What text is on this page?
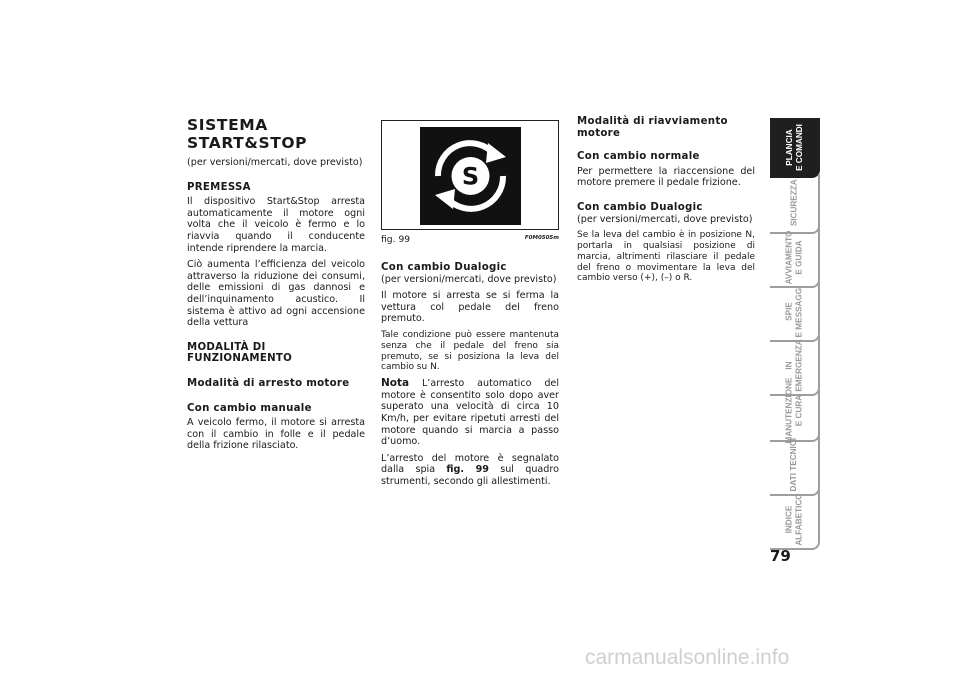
SISTEMA START&STOP

(per versioni/mercati, dove previsto)

PREMESSA

Il dispositivo Start&Stop arresta automaticamente il motore ogni volta che il veicolo è fermo e lo riavvia quando il conducente intende riprendere la marcia.

Ciò aumenta l’efficienza del veicolo attraverso la riduzione dei consumi, delle emissioni di gas dannosi e dell’inquinamento acustico. Il sistema è attivo ad ogni accensione della vettura

MODALITÀ DI FUNZIONAMENTO
Modalità di arresto motore
Con cambio manuale

A veicolo fermo, il motore si arresta con il cambio in folle e il pedale della frizione rilasciato.

S
fig. 99	F0M0505m
Con cambio Dualogic

(per versioni/mercati, dove previsto)

Il motore si arresta se si ferma la vettura col pedale del freno premuto.

Tale condizione può essere mantenuta senza che il pedale del freno sia premuto, se si posiziona la leva del cambio su N.

Nota L’arresto automatico del motore è consentito solo dopo aver superato una velocità di circa 10 Km/h, per evitare ripetuti arresti del motore quando si marcia a passo d’uomo.

L’arresto del motore è segnalato dalla spia fig. 99 sul quadro strumenti, secondo gli allestimenti.

Modalità di riavviamento motore
Con cambio normale

Per permettere la riaccensione del motore premere il pedale frizione.

Con cambio Dualogic

(per versioni/mercati, dove previsto)

Se la leva del cambio è in posizione N, portarla in qualsiasi posizione di marcia, altrimenti rilasciare il pedale del freno o movimentare la leva del cambio verso (+), (–) o R.

PLANCIA E COMANDI
SICUREZZA
AVVIAMENTO E GUIDA
SPIE E MESSAGGI
IN EMERGENZA
MANUTENZIONE E CURA
DATI TECNICI
INDICE ALFABETICO
79
carmanualsonline.info
